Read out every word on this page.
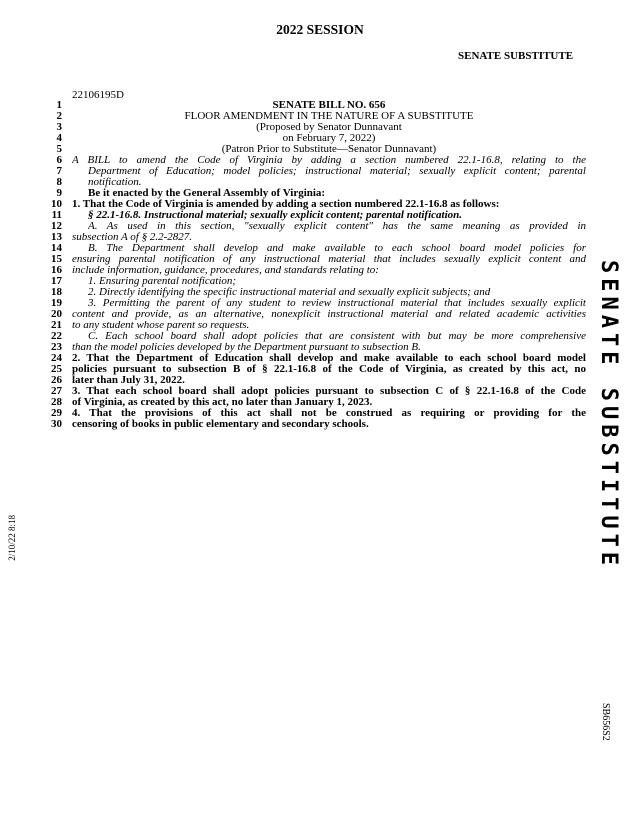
2022 SESSION
SENATE SUBSTITUTE
22106195D
2/10/22 8:18	SENATE SUBSTITUTE
SB656S2
1	SENATE BILL NO. 656
2	FLOOR AMENDMENT IN THE NATURE OF A SUBSTITUTE
3	(Proposed by Senator Dunnavant
4	on February 7, 2022)
5	(Patron Prior to Substitute—Senator Dunnavant)
6 A BILL to amend the Code of Virginia by adding a section numbered 22.1-16.8, relating to the
7 Department of Education; model policies; instructional material; sexually explicit content; parental
8 notification.
9 Be it enacted by the General Assembly of Virginia:
10 1. That the Code of Virginia is amended by adding a section numbered 22.1-16.8 as follows:
11 § 22.1-16.8. Instructional material; sexually explicit content; parental notification.
12 A. As used in this section, "sexually explicit content" has the same meaning as provided in
13 subsection A of § 2.2-2827.
14 B. The Department shall develop and make available to each school board model policies for
15 ensuring parental notification of any instructional material that includes sexually explicit content and
16 include information, guidance, procedures, and standards relating to:
17 1. Ensuring parental notification;
18 2. Directly identifying the specific instructional material and sexually explicit subjects; and
19 3. Permitting the parent of any student to review instructional material that includes sexually explicit
20 content and provide, as an alternative, nonexplicit instructional material and related academic activities
21 to any student whose parent so requests.
22 C. Each school board shall adopt policies that are consistent with but may be more comprehensive
23 than the model policies developed by the Department pursuant to subsection B.
24 2. That the Department of Education shall develop and make available to each school board model
25 policies pursuant to subsection B of § 22.1-16.8 of the Code of Virginia, as created by this act, no
26 later than July 31, 2022.
27 3. That each school board shall adopt policies pursuant to subsection C of § 22.1-16.8 of the Code
28 of Virginia, as created by this act, no later than January 1, 2023.
29 4. That the provisions of this act shall not be construed as requiring or providing for the
30 censoring of books in public elementary and secondary schools.
